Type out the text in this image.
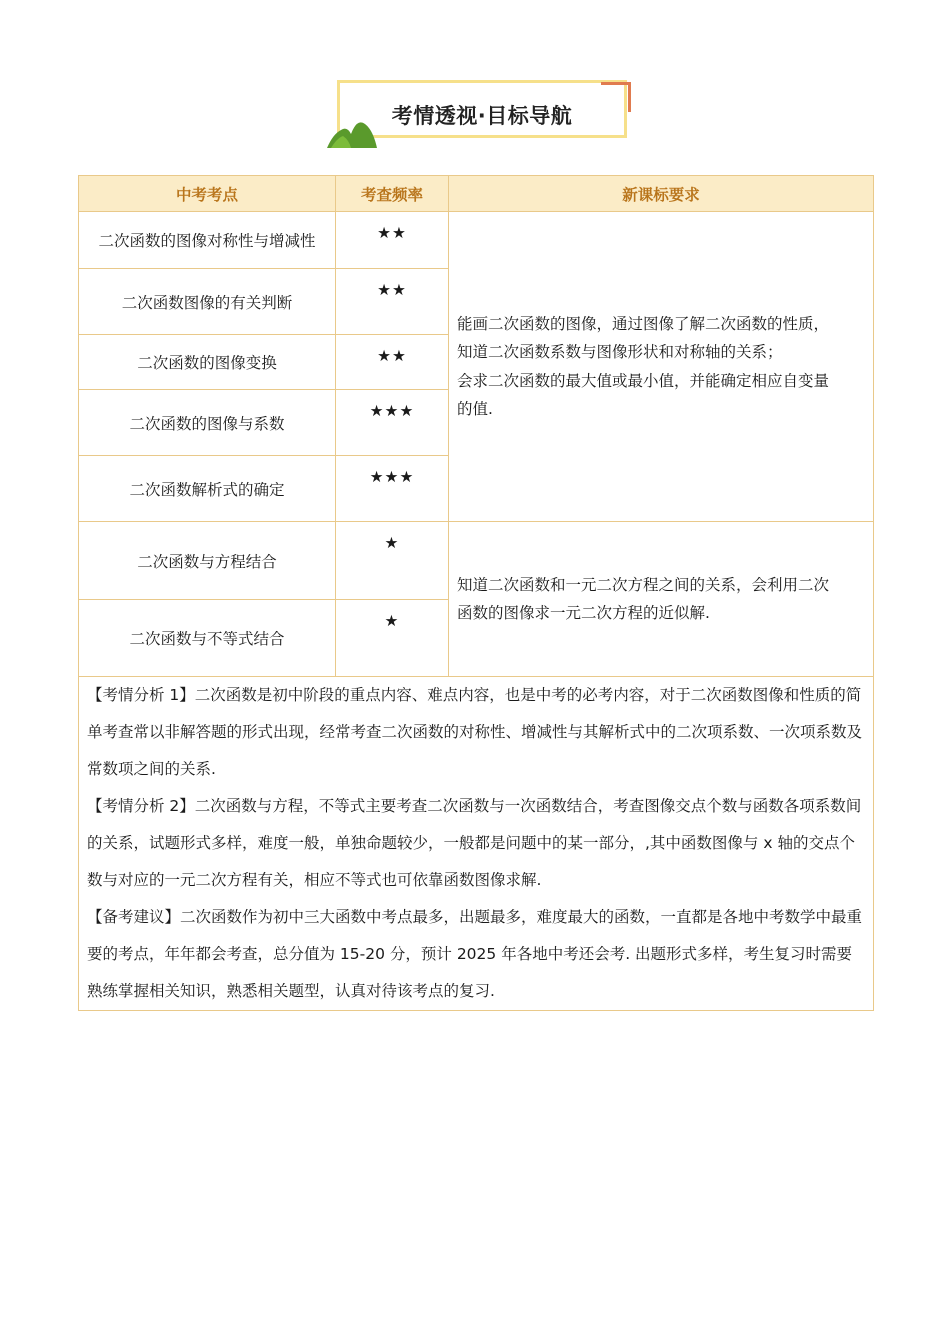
考情透视·目标导航
中考考点	考查频率	新课标要求
二次函数的图像对称性与增减性	★★	能画二次函数的图像，通过图像了解二次函数的性质，
知道二次函数系数与图像形状和对称轴的关系；
会求二次函数的最大值或最小值，并能确定相应自变量
的值.

二次函数图像的有关判断	★★	
二次函数的图像变换	★★	
二次函数的图像与系数	★★★	
二次函数解析式的确定	★★★	
二次函数与方程结合	★	知道二次函数和一元二次方程之间的关系，会利用二次
函数的图像求一元二次方程的近似解.

二次函数与不等式结合	★	

【考情分析 1】二次函数是初中阶段的重点内容、难点内容，也是中考的必考内容，对于二次函数图像和性质的简单考查常以非解答题的形式出现，经常考查二次函数的对称性、增减性与其解析式中的二次项系数、一次项系数及常数项之间的关系.
【考情分析 2】二次函数与方程，不等式主要考查二次函数与一次函数结合，考查图像交点个数与函数各项系数间的关系，试题形式多样，难度一般，单独命题较少，一般都是问题中的某一部分，,其中函数图像与 x 轴的交点个数与对应的一元二次方程有关，相应不等式也可依靠函数图像求解.
【备考建议】二次函数作为初中三大函数中考点最多，出题最多，难度最大的函数，一直都是各地中考数学中最重要的考点，年年都会考查，总分值为 15-20 分，预计 2025 年各地中考还会考. 出题形式多样，考生复习时需要熟练掌握相关知识，熟悉相关题型，认真对待该考点的复习.		
